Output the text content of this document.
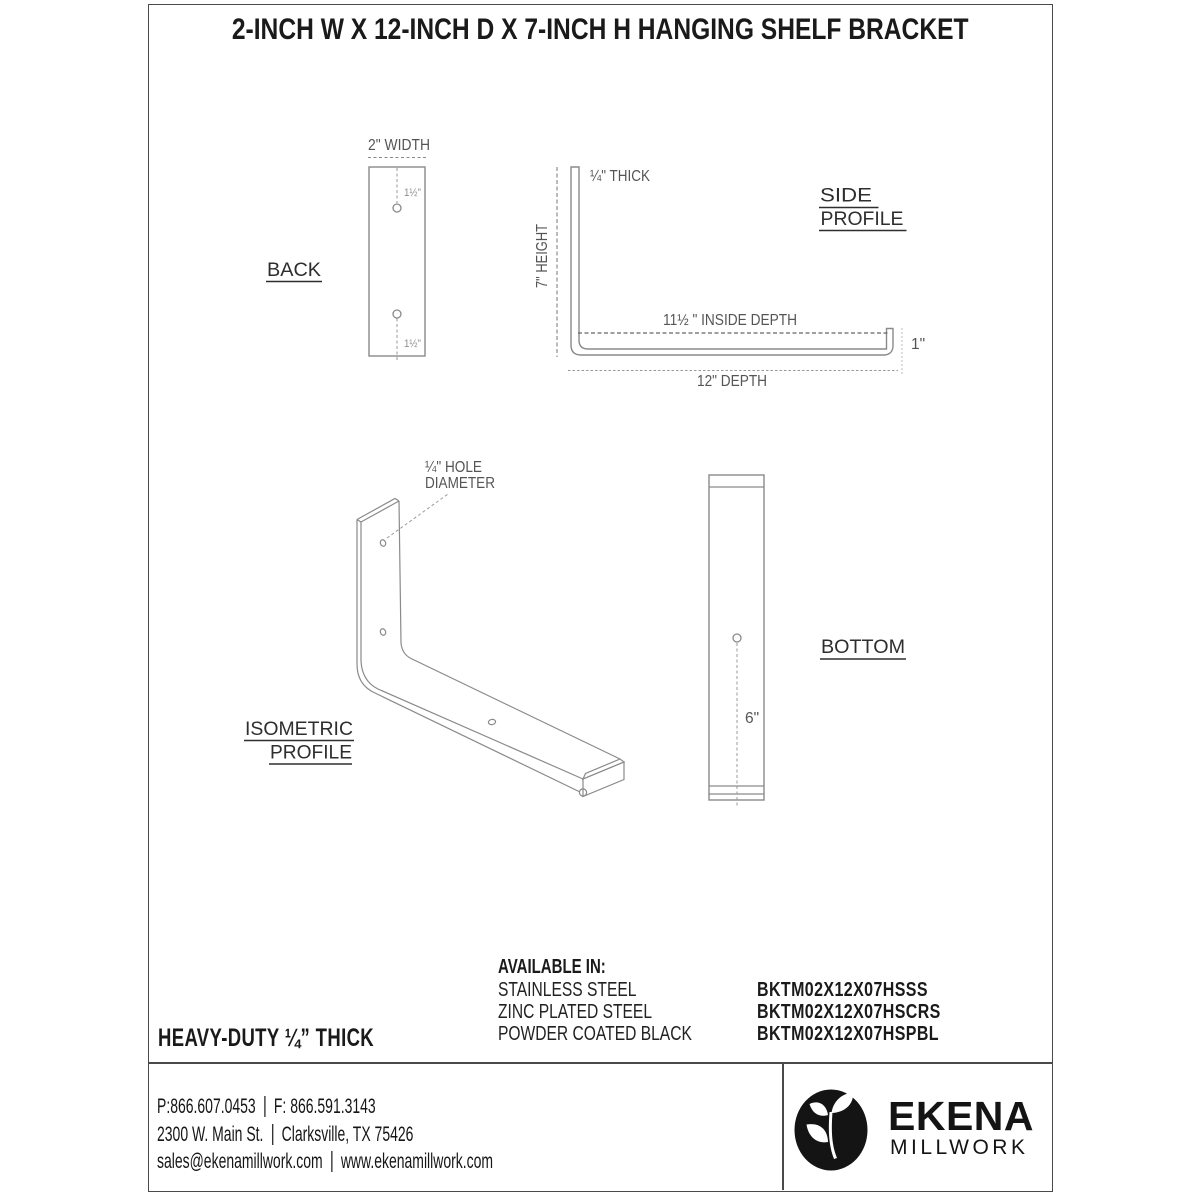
2-INCH W X 12-INCH D X 7-INCH H HANGING SHELF BRACKET
2" WIDTH
1½"
1½"
BACK	7" HEIGHT
¼" THICK
11½ " INSIDE DEPTH
1"
12" DEPTH
SIDE
PROFILE
¼" HOLE
DIAMETER
ISOMETRIC
PROFILE
6"
BOTTOM
AVAILABLE IN:
STAINLESS STEEL	BKTM02X12X07HSSS
ZINC PLATED STEEL	BKTM02X12X07HSCRS
POWDER COATED BLACK	BKTM02X12X07HSPBL
HEAVY-DUTY ¼” THICK
P:866.607.0453 F: 866.591.3143
2300 W. Main St. Clarksville, TX 75426
sales@ekenamillwork.com www.ekenamillwork.com
EKENA
MILLWORK
